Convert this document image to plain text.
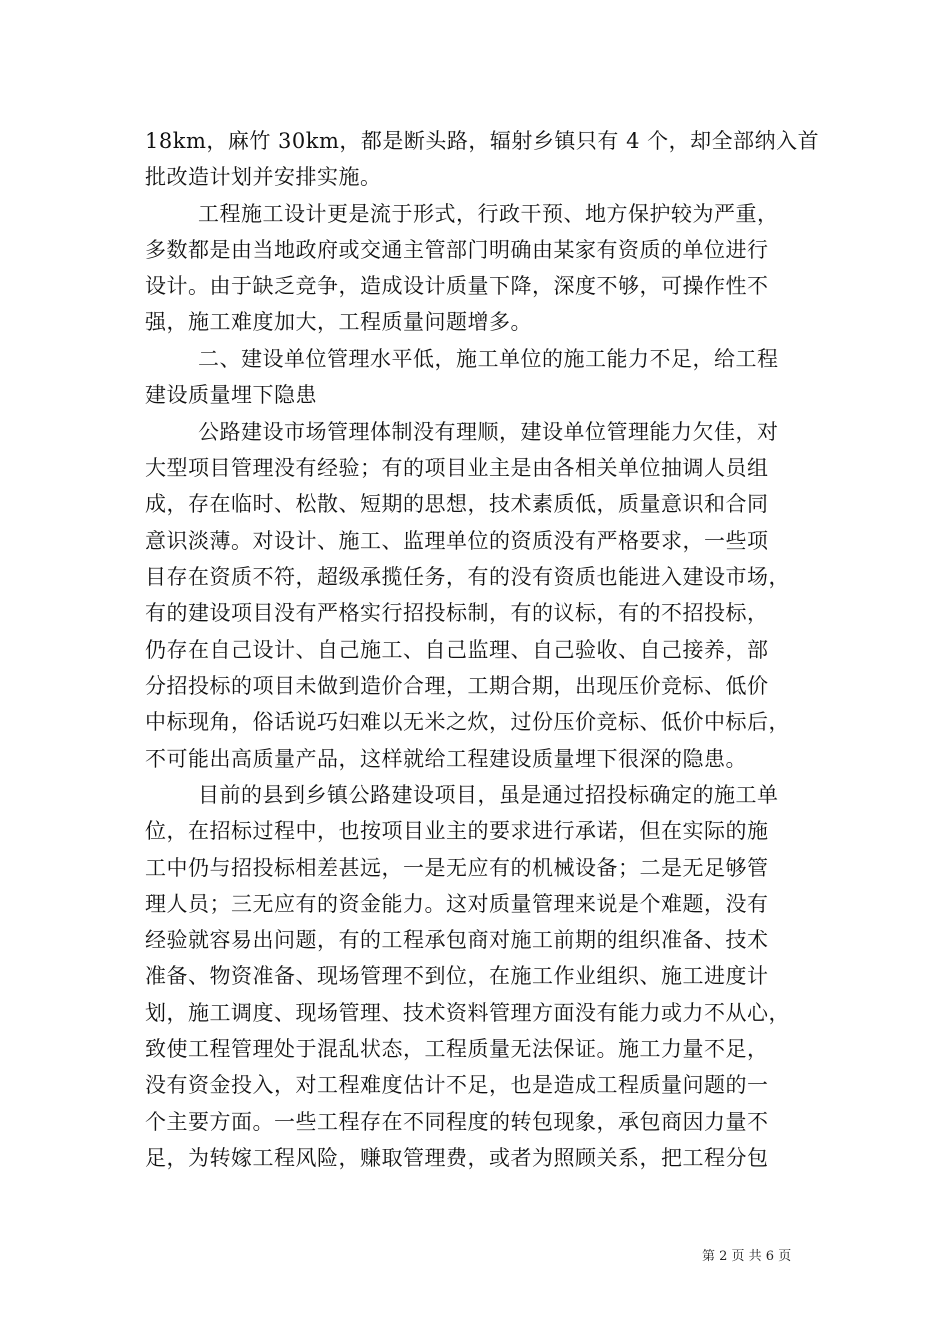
18km，麻竹 30km，都是断头路，辐射乡镇只有 4 个，却全部纳入首
批改造计划并安排实施。
工程施工设计更是流于形式，行政干预、地方保护较为严重，
多数都是由当地政府或交通主管部门明确由某家有资质的单位进行
设计。由于缺乏竞争，造成设计质量下降，深度不够，可操作性不
强，施工难度加大，工程质量问题增多。
二、建设单位管理水平低，施工单位的施工能力不足，给工程
建设质量埋下隐患
公路建设市场管理体制没有理顺，建设单位管理能力欠佳，对
大型项目管理没有经验；有的项目业主是由各相关单位抽调人员组
成，存在临时、松散、短期的思想，技术素质低，质量意识和合同
意识淡薄。对设计、施工、监理单位的资质没有严格要求，一些项
目存在资质不符，超级承揽任务，有的没有资质也能进入建设市场，
有的建设项目没有严格实行招投标制，有的议标，有的不招投标，
仍存在自己设计、自己施工、自己监理、自己验收、自己接养，部
分招投标的项目未做到造价合理，工期合期，出现压价竞标、低价
中标现角，俗话说巧妇难以无米之炊，过份压价竞标、低价中标后，
不可能出高质量产品，这样就给工程建设质量埋下很深的隐患。
目前的县到乡镇公路建设项目，虽是通过招投标确定的施工单
位，在招标过程中，也按项目业主的要求进行承诺，但在实际的施
工中仍与招投标相差甚远，一是无应有的机械设备；二是无足够管
理人员；三无应有的资金能力。这对质量管理来说是个难题，没有
经验就容易出问题，有的工程承包商对施工前期的组织准备、技术
准备、物资准备、现场管理不到位，在施工作业组织、施工进度计
划，施工调度、现场管理、技术资料管理方面没有能力或力不从心，
致使工程管理处于混乱状态，工程质量无法保证。施工力量不足，
没有资金投入，对工程难度估计不足，也是造成工程质量问题的一
个主要方面。一些工程存在不同程度的转包现象，承包商因力量不
足，为转嫁工程风险，赚取管理费，或者为照顾关系，把工程分包
第 2 页 共 6 页
